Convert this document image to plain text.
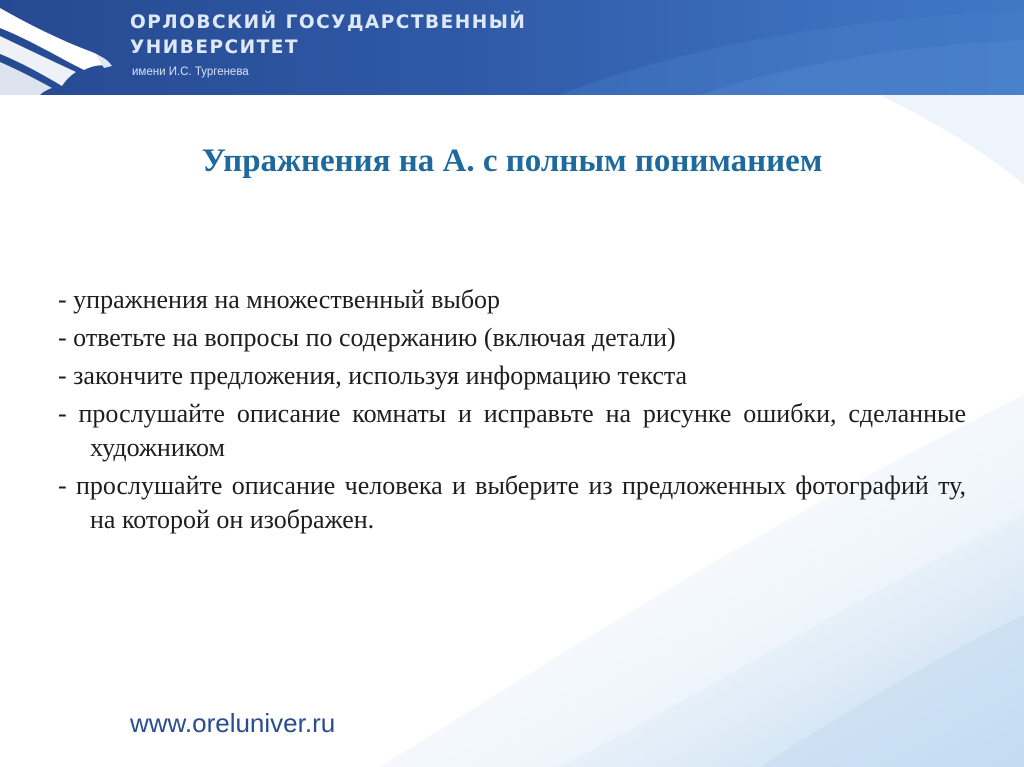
ОРЛОВСКИЙ ГОСУДАРСТВЕННЫЙ
УНИВЕРСИТЕТ

имени И.С. Тургенева

Упражнения на А. с полным пониманием
- упражнения на множественный выбор
- ответьте на вопросы по содержанию (включая детали)
- закончите предложения, используя информацию текста
- прослушайте описание комнаты и исправьте на рисунке ошибки, сделанные художником
- прослушайте описание человека и выберите из предложенных фотографий ту, на которой он изображен.

www.oreluniver.ru
